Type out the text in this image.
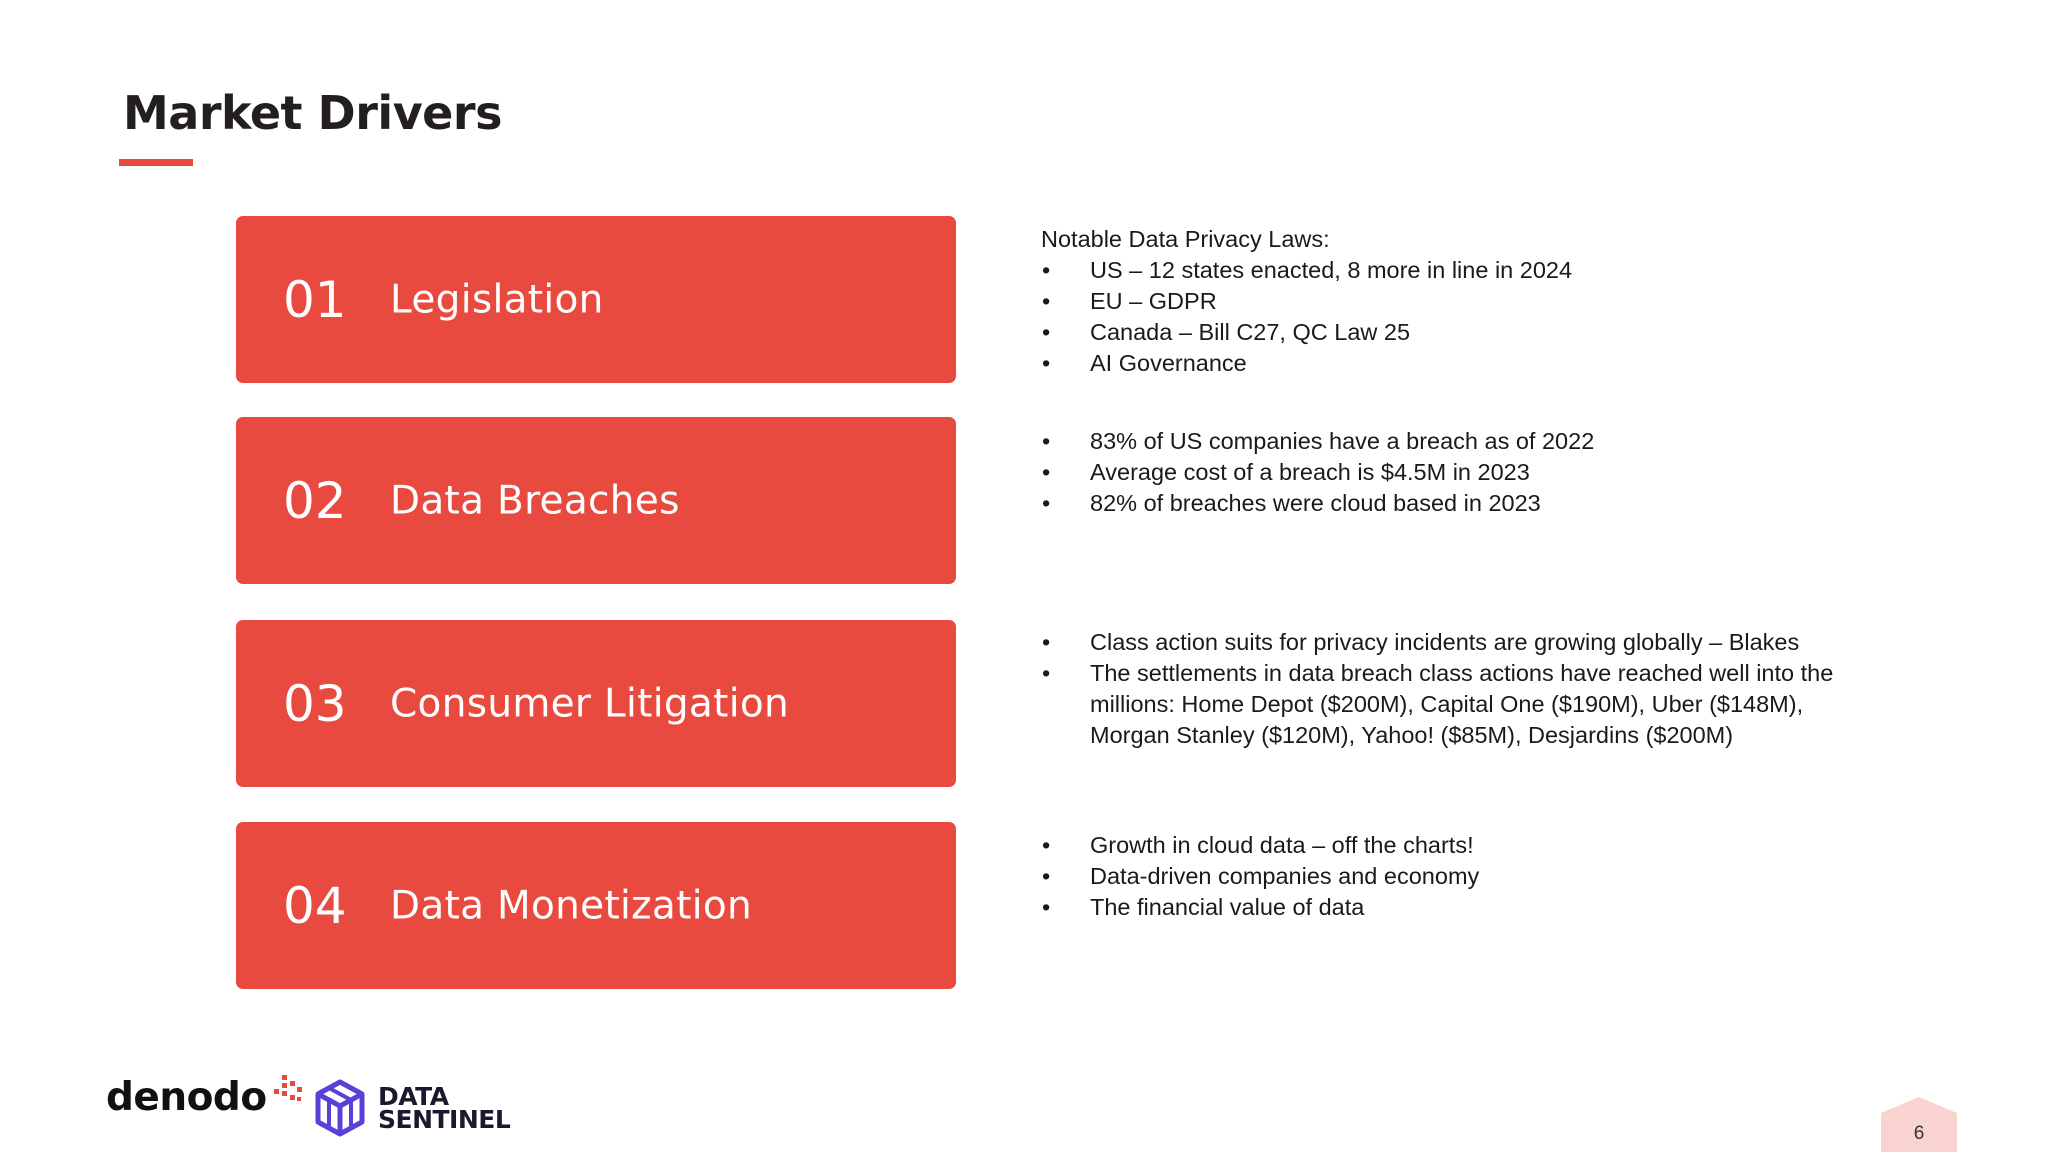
Market Drivers
01 Legislation
Notable Data Privacy Laws:
• US – 12 states enacted, 8 more in line in 2024
• EU – GDPR
• Canada – Bill C27, QC Law 25
• AI Governance
02 Data Breaches
• 83% of US companies have a breach as of 2022
• Average cost of a breach is $4.5M in 2023
• 82% of breaches were cloud based in 2023
03 Consumer Litigation
• Class action suits for privacy incidents are growing globally – Blakes
• The settlements in data breach class actions have reached well into the millions: Home Depot ($200M), Capital One ($190M), Uber ($148M), Morgan Stanley ($120M), Yahoo! ($85M), Desjardins ($200M)
04 Data Monetization
• Growth in cloud data – off the charts!
• Data-driven companies and economy
• The financial value of data
denodo	DATA
SENTINEL	6
